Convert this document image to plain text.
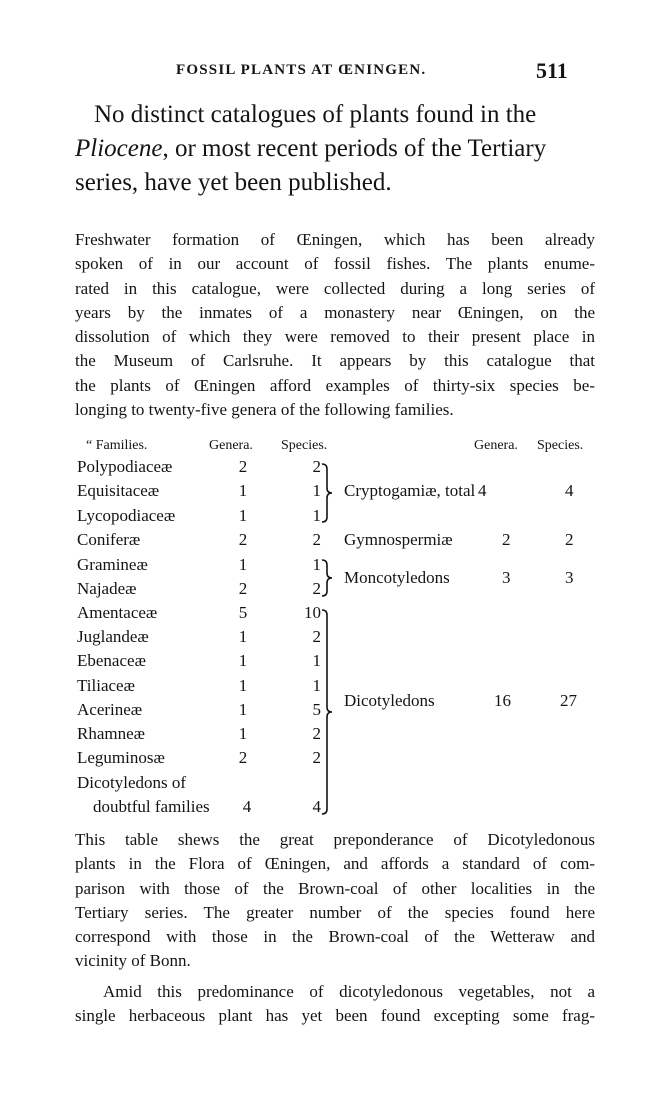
FOSSIL PLANTS AT ŒNINGEN.	511
No distinct catalogues of plants found in the
Pliocene, or most recent periods of the Tertiary
series, have yet been published.
Freshwater formation of Œningen, which has been already
spoken of in our account of fossil fishes. The plants enume-
rated in this catalogue, were collected during a long series of
years by the inmates of a monastery near Œningen, on the
dissolution of which they were removed to their present place in
the Museum of Carlsruhe. It appears by this catalogue that
the plants of Œningen afford examples of thirty-six species be-
longing to twenty-five genera of the following families.
“ Families.	Genera. Species.	Genera. Species.
Polypodiaceæ	2	2
Equisitaceæ	1	1
Lycopodiaceæ	1	1
Coniferæ	2	2
Gramineæ	1	1
Najadeæ	2	2
Amentaceæ	5	10
Juglandeæ	1	2
Ebenaceæ	1	1
Tiliaceæ	1	1
Acerineæ	1	5
Rhamneæ	1	2
Leguminosæ	2	2
Dicotyledons of
doubtful families	4	4
Cryptogamiæ, total 4	4
Gymnospermiæ	2	2
Moncotyledons	3	3
Dicotyledons	16	27
This table shews the great preponderance of Dicotyledonous
plants in the Flora of Œningen, and affords a standard of com-
parison with those of the Brown-coal of other localities in the
Tertiary series. The greater number of the species found here
correspond with those in the Brown-coal of the Wetteraw and
vicinity of Bonn.
Amid this predominance of dicotyledonous vegetables, not a
single herbaceous plant has yet been found excepting some frag-
